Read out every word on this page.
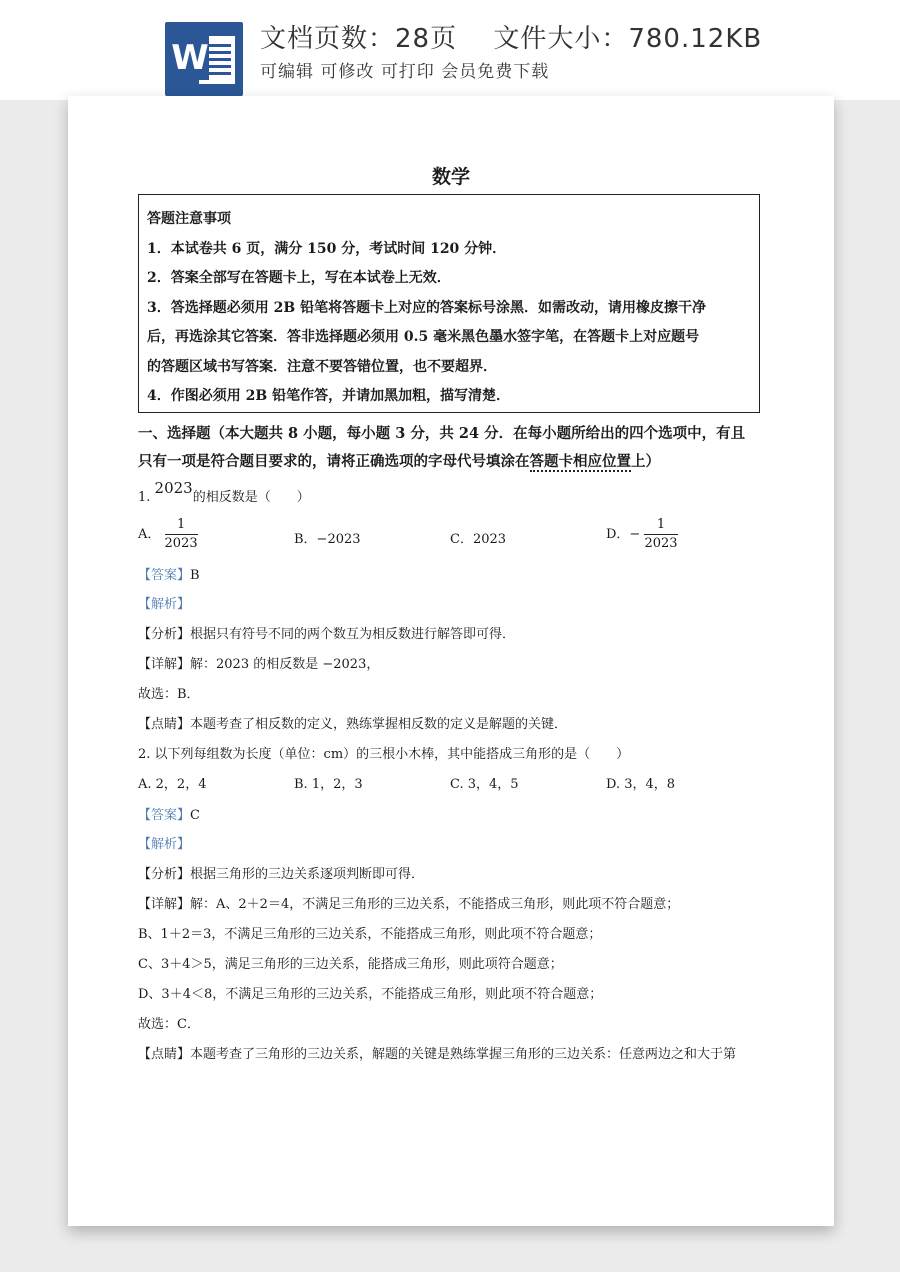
W 文档页数：28页　 文件大小：780.12KB
可编辑 可修改 可打印 会员免费下载
数学
答题注意事项
1．本试卷共 6 页，满分 150 分，考试时间 120 分钟．
2．答案全部写在答题卡上，写在本试卷上无效．
3．答选择题必须用 2B 铅笔将答题卡上对应的答案标号涂黑．如需改动，请用橡皮擦干净
后，再选涂其它答案．答非选择题必须用 0.5 毫米黑色墨水签字笔，在答题卡上对应题号
的答题区域书写答案．注意不要答错位置，也不要超界．
4．作图必须用 2B 铅笔作答，并请加黑加粗，描写清楚．
一、选择题（本大题共 8 小题，每小题 3 分，共 24 分．在每小题所给出的四个选项中，有且只有一项是符合题目要求的，请将正确选项的字母代号填涂在答题卡相应位置上）
1. 2023的相反数是（　　）
A． $\frac{1}{2023}$	B．−2023	C．2023	D．− $\frac{1}{2023}$
【答案】B
【解析】
【分析】根据只有符号不同的两个数互为相反数进行解答即可得．
【详解】解：2023 的相反数是 −2023，
故选：B．
【点睛】本题考查了相反数的定义，熟练掌握相反数的定义是解题的关键．
2. 以下列每组数为长度（单位：cm）的三根小木棒，其中能搭成三角形的是（　　）
A. 2，2，4	B. 1，2，3	C. 3，4，5	D. 3，4，8
【答案】C
【解析】
【分析】根据三角形的三边关系逐项判断即可得．
【详解】解：A、2＋2＝4，不满足三角形的三边关系，不能搭成三角形，则此项不符合题意；
B、1＋2＝3，不满足三角形的三边关系，不能搭成三角形，则此项不符合题意；
C、3＋4＞5，满足三角形的三边关系，能搭成三角形，则此项符合题意；
D、3＋4＜8，不满足三角形的三边关系，不能搭成三角形，则此项不符合题意；
故选：C．
【点睛】本题考查了三角形的三边关系，解题的关键是熟练掌握三角形的三边关系：任意两边之和大于第
